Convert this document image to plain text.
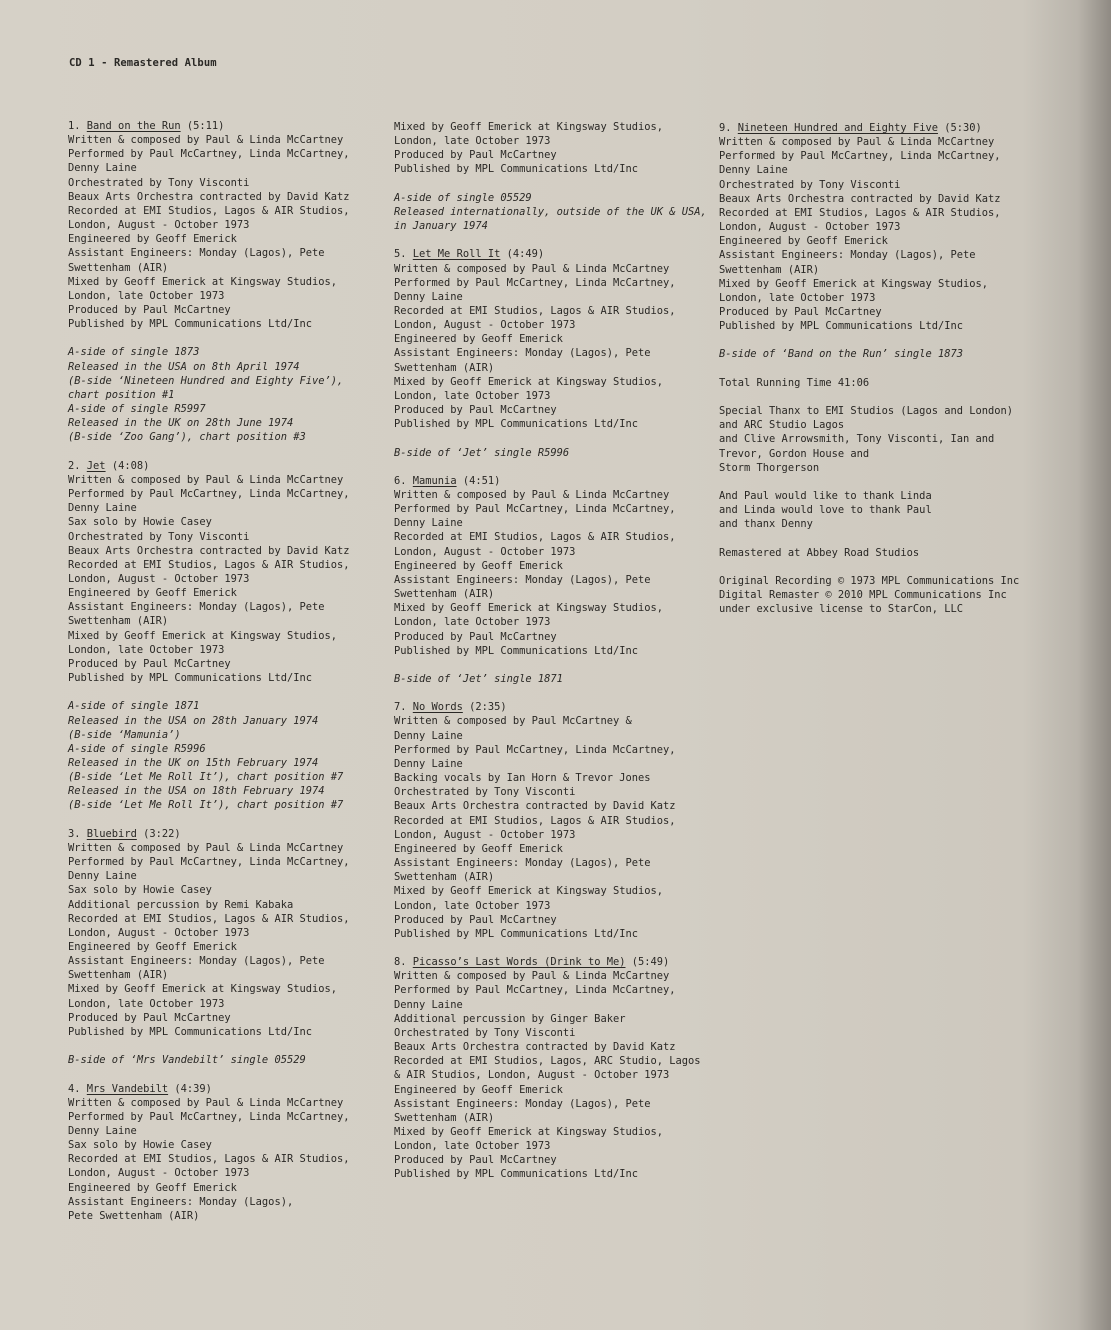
CD 1 - Remastered Album
1. Band on the Run (5:11)
Written & composed by Paul & Linda McCartney
Performed by Paul McCartney, Linda McCartney,
Denny Laine
Orchestrated by Tony Visconti
Beaux Arts Orchestra contracted by David Katz
Recorded at EMI Studios, Lagos & AIR Studios,
London, August - October 1973
Engineered by Geoff Emerick
Assistant Engineers: Monday (Lagos), Pete
Swettenham (AIR)
Mixed by Geoff Emerick at Kingsway Studios,
London, late October 1973
Produced by Paul McCartney
Published by MPL Communications Ltd/Inc
A-side of single 1873
Released in the USA on 8th April 1974
(B-side ‘Nineteen Hundred and Eighty Five’),
chart position #1
A-side of single R5997
Released in the UK on 28th June 1974
(B-side ‘Zoo Gang’), chart position #3
2. Jet (4:08)
Written & composed by Paul & Linda McCartney
Performed by Paul McCartney, Linda McCartney,
Denny Laine
Sax solo by Howie Casey
Orchestrated by Tony Visconti
Beaux Arts Orchestra contracted by David Katz
Recorded at EMI Studios, Lagos & AIR Studios,
London, August - October 1973
Engineered by Geoff Emerick
Assistant Engineers: Monday (Lagos), Pete
Swettenham (AIR)
Mixed by Geoff Emerick at Kingsway Studios,
London, late October 1973
Produced by Paul McCartney
Published by MPL Communications Ltd/Inc
A-side of single 1871
Released in the USA on 28th January 1974
(B-side ‘Mamunia’)
A-side of single R5996
Released in the UK on 15th February 1974
(B-side ‘Let Me Roll It’), chart position #7
Released in the USA on 18th February 1974
(B-side ‘Let Me Roll It’), chart position #7
3. Bluebird (3:22)
Written & composed by Paul & Linda McCartney
Performed by Paul McCartney, Linda McCartney,
Denny Laine
Sax solo by Howie Casey
Additional percussion by Remi Kabaka
Recorded at EMI Studios, Lagos & AIR Studios,
London, August - October 1973
Engineered by Geoff Emerick
Assistant Engineers: Monday (Lagos), Pete
Swettenham (AIR)
Mixed by Geoff Emerick at Kingsway Studios,
London, late October 1973
Produced by Paul McCartney
Published by MPL Communications Ltd/Inc
B-side of ‘Mrs Vandebilt’ single 05529
4. Mrs Vandebilt (4:39)
Written & composed by Paul & Linda McCartney
Performed by Paul McCartney, Linda McCartney,
Denny Laine
Sax solo by Howie Casey
Recorded at EMI Studios, Lagos & AIR Studios,
London, August - October 1973
Engineered by Geoff Emerick
Assistant Engineers: Monday (Lagos),
Pete Swettenham (AIR)
Mixed by Geoff Emerick at Kingsway Studios,
London, late October 1973
Produced by Paul McCartney
Published by MPL Communications Ltd/Inc
A-side of single 05529
Released internationally, outside of the UK & USA,
in January 1974
5. Let Me Roll It (4:49)
Written & composed by Paul & Linda McCartney
Performed by Paul McCartney, Linda McCartney,
Denny Laine
Recorded at EMI Studios, Lagos & AIR Studios,
London, August - October 1973
Engineered by Geoff Emerick
Assistant Engineers: Monday (Lagos), Pete
Swettenham (AIR)
Mixed by Geoff Emerick at Kingsway Studios,
London, late October 1973
Produced by Paul McCartney
Published by MPL Communications Ltd/Inc
B-side of ‘Jet’ single R5996
6. Mamunia (4:51)
Written & composed by Paul & Linda McCartney
Performed by Paul McCartney, Linda McCartney,
Denny Laine
Recorded at EMI Studios, Lagos & AIR Studios,
London, August - October 1973
Engineered by Geoff Emerick
Assistant Engineers: Monday (Lagos), Pete
Swettenham (AIR)
Mixed by Geoff Emerick at Kingsway Studios,
London, late October 1973
Produced by Paul McCartney
Published by MPL Communications Ltd/Inc
B-side of ‘Jet’ single 1871
7. No Words (2:35)
Written & composed by Paul McCartney &
Denny Laine
Performed by Paul McCartney, Linda McCartney,
Denny Laine
Backing vocals by Ian Horn & Trevor Jones
Orchestrated by Tony Visconti
Beaux Arts Orchestra contracted by David Katz
Recorded at EMI Studios, Lagos & AIR Studios,
London, August - October 1973
Engineered by Geoff Emerick
Assistant Engineers: Monday (Lagos), Pete
Swettenham (AIR)
Mixed by Geoff Emerick at Kingsway Studios,
London, late October 1973
Produced by Paul McCartney
Published by MPL Communications Ltd/Inc
8. Picasso’s Last Words (Drink to Me) (5:49)
Written & composed by Paul & Linda McCartney
Performed by Paul McCartney, Linda McCartney,
Denny Laine
Additional percussion by Ginger Baker
Orchestrated by Tony Visconti
Beaux Arts Orchestra contracted by David Katz
Recorded at EMI Studios, Lagos, ARC Studio, Lagos
& AIR Studios, London, August - October 1973
Engineered by Geoff Emerick
Assistant Engineers: Monday (Lagos), Pete
Swettenham (AIR)
Mixed by Geoff Emerick at Kingsway Studios,
London, late October 1973
Produced by Paul McCartney
Published by MPL Communications Ltd/Inc
9. Nineteen Hundred and Eighty Five (5:30)
Written & composed by Paul & Linda McCartney
Performed by Paul McCartney, Linda McCartney,
Denny Laine
Orchestrated by Tony Visconti
Beaux Arts Orchestra contracted by David Katz
Recorded at EMI Studios, Lagos & AIR Studios,
London, August - October 1973
Engineered by Geoff Emerick
Assistant Engineers: Monday (Lagos), Pete
Swettenham (AIR)
Mixed by Geoff Emerick at Kingsway Studios,
London, late October 1973
Produced by Paul McCartney
Published by MPL Communications Ltd/Inc
B-side of ‘Band on the Run’ single 1873
Total Running Time 41:06
Special Thanx to EMI Studios (Lagos and London)
and ARC Studio Lagos
and Clive Arrowsmith, Tony Visconti, Ian and
Trevor, Gordon House and
Storm Thorgerson
And Paul would like to thank Linda
and Linda would love to thank Paul
and thanx Denny
Remastered at Abbey Road Studios
Original Recording © 1973 MPL Communications Inc
Digital Remaster © 2010 MPL Communications Inc
under exclusive license to StarCon, LLC
